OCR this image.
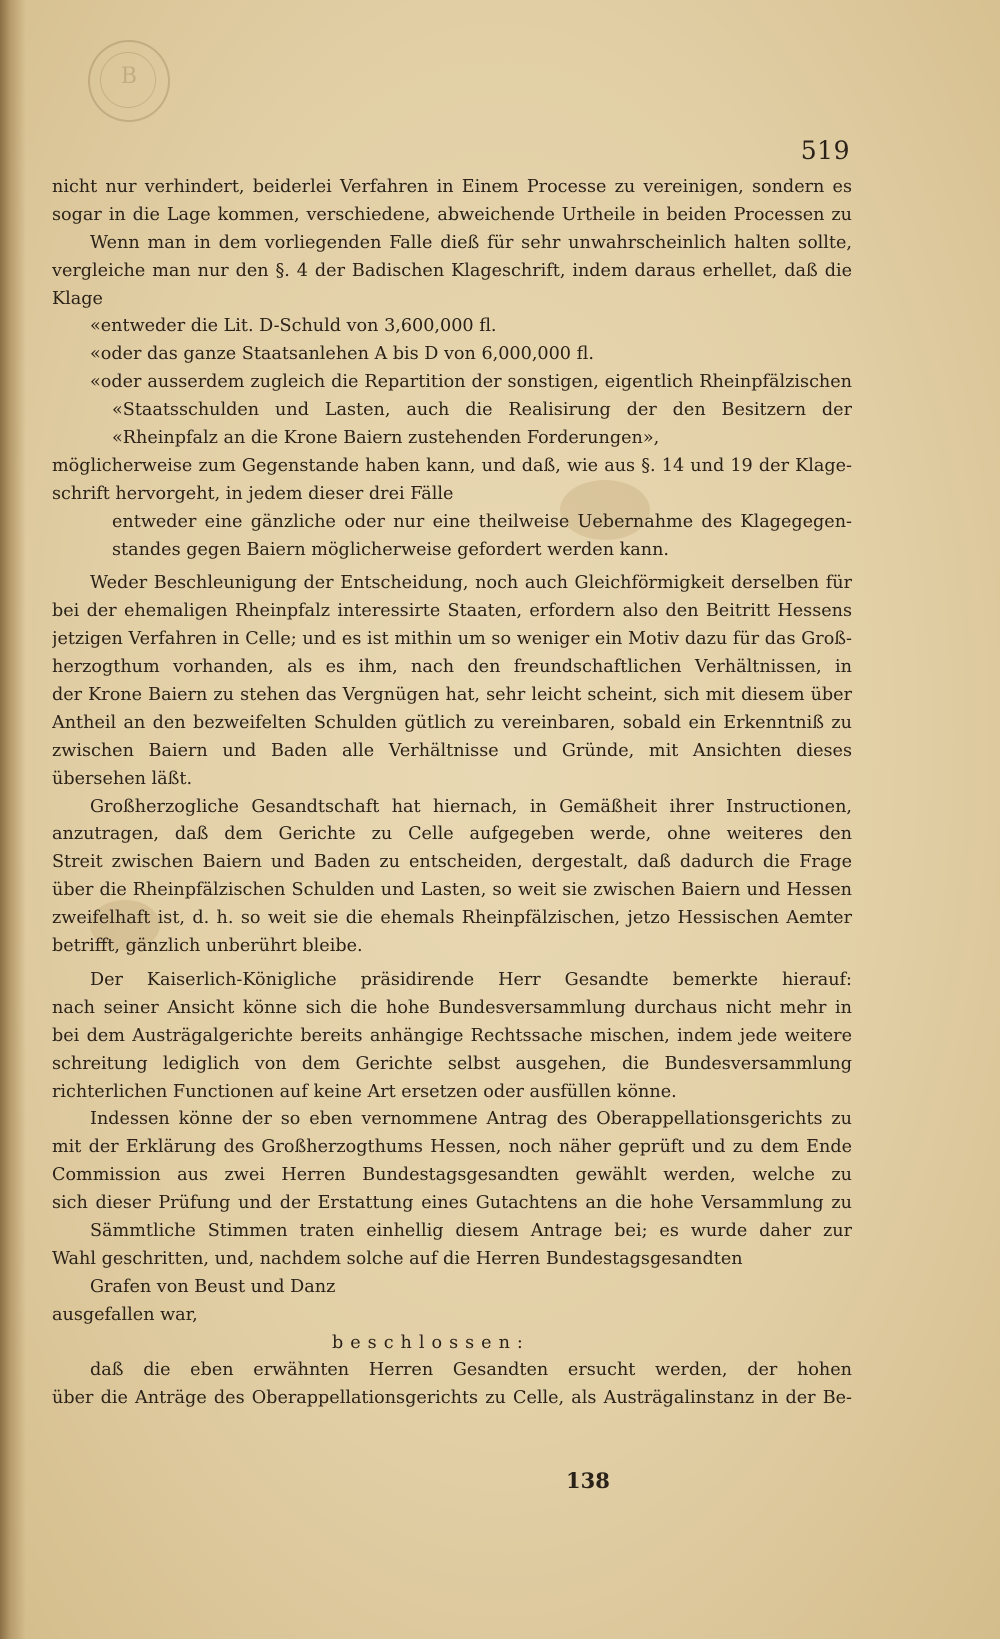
B
519
nicht nur verhindert, beiderlei Verfahren in Einem Processe zu vereinigen, sondern es
sogar in die Lage kommen, verschiedene, abweichende Urtheile in beiden Processen zu
Wenn man in dem vorliegenden Falle dieß für sehr unwahrscheinlich halten sollte,
vergleiche man nur den §. 4 der Badischen Klageschrift, indem daraus erhellet, daß die
Klage
«entweder die Lit. D-Schuld von 3,600,000 fl.
«oder das ganze Staatsanlehen A bis D von 6,000,000 fl.
«oder ausserdem zugleich die Repartition der sonstigen, eigentlich Rheinpfälzischen
«Staatsschulden und Lasten, auch die Realisirung der den Besitzern der
«Rheinpfalz an die Krone Baiern zustehenden Forderungen»,
möglicherweise zum Gegenstande haben kann, und daß, wie aus §. 14 und 19 der Klage-
schrift hervorgeht, in jedem dieser drei Fälle
entweder eine gänzliche oder nur eine theilweise Uebernahme des Klagegegen-
standes gegen Baiern möglicherweise gefordert werden kann.
Weder Beschleunigung der Entscheidung, noch auch Gleichförmigkeit derselben für
bei der ehemaligen Rheinpfalz interessirte Staaten, erfordern also den Beitritt Hessens
jetzigen Verfahren in Celle; und es ist mithin um so weniger ein Motiv dazu für das Groß-
herzogthum vorhanden, als es ihm, nach den freundschaftlichen Verhältnissen, in
der Krone Baiern zu stehen das Vergnügen hat, sehr leicht scheint, sich mit diesem über
Antheil an den bezweifelten Schulden gütlich zu vereinbaren, sobald ein Erkenntniß zu
zwischen Baiern und Baden alle Verhältnisse und Gründe, mit Ansichten dieses
übersehen läßt.
Großherzogliche Gesandtschaft hat hiernach, in Gemäßheit ihrer Instructionen,
anzutragen, daß dem Gerichte zu Celle aufgegeben werde, ohne weiteres den
Streit zwischen Baiern und Baden zu entscheiden, dergestalt, daß dadurch die Frage
über die Rheinpfälzischen Schulden und Lasten, so weit sie zwischen Baiern und Hessen
zweifelhaft ist, d. h. so weit sie die ehemals Rheinpfälzischen, jetzo Hessischen Aemter
betrifft, gänzlich unberührt bleibe.
Der Kaiserlich-Königliche präsidirende Herr Gesandte bemerkte hierauf:
nach seiner Ansicht könne sich die hohe Bundesversammlung durchaus nicht mehr in
bei dem Austrägalgerichte bereits anhängige Rechtssache mischen, indem jede weitere
schreitung lediglich von dem Gerichte selbst ausgehen, die Bundesversammlung
richterlichen Functionen auf keine Art ersetzen oder ausfüllen könne.
Indessen könne der so eben vernommene Antrag des Oberappellationsgerichts zu
mit der Erklärung des Großherzogthums Hessen, noch näher geprüft und zu dem Ende
Commission aus zwei Herren Bundestagsgesandten gewählt werden, welche zu
sich dieser Prüfung und der Erstattung eines Gutachtens an die hohe Versammlung zu
Sämmtliche Stimmen traten einhellig diesem Antrage bei; es wurde daher zur
Wahl geschritten, und, nachdem solche auf die Herren Bundestagsgesandten
Grafen von Beust und Danz
ausgefallen war,
beschlossen:
daß die eben erwähnten Herren Gesandten ersucht werden, der hohen
über die Anträge des Oberappellationsgerichts zu Celle, als Austrägalinstanz in der Be-
138
